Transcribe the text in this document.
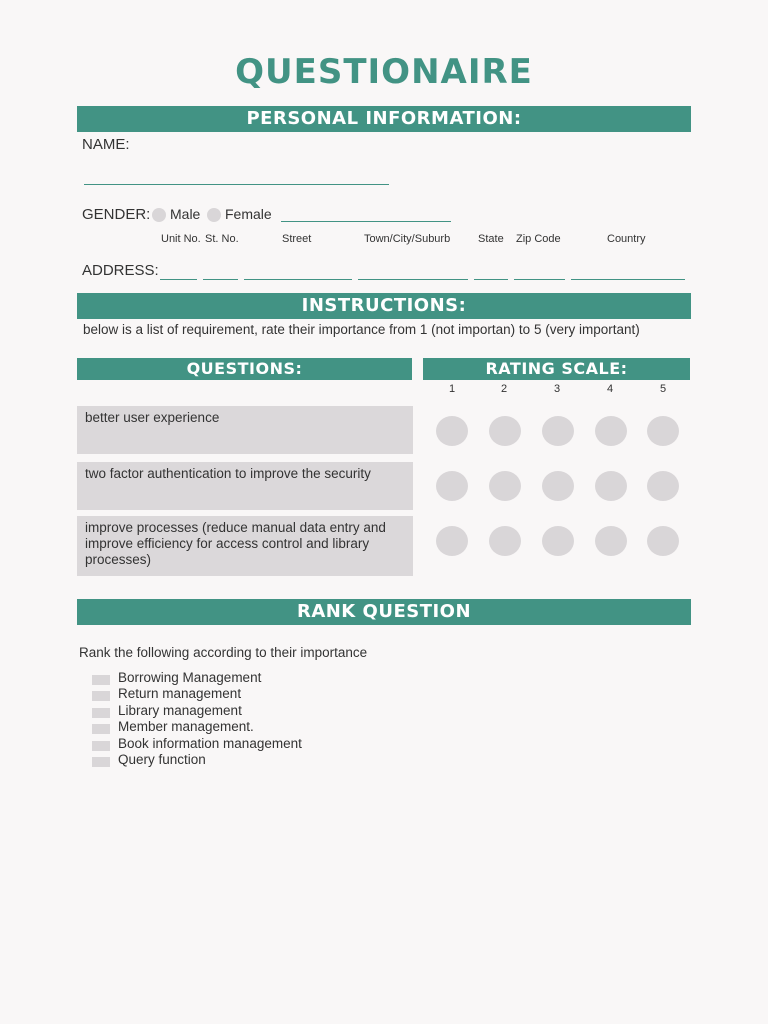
QUESTIONAIRE
PERSONAL INFORMATION:
NAME:
GENDER: Male Female
Unit No. St. No.	Street	Town/City/Suburb	State Zip Code	Country
ADDRESS:
INSTRUCTIONS:
below is a list of requirement, rate their importance from 1 (not importan) to 5 (very important)
QUESTIONS:	RATING SCALE:
1	2	3	4	5
better user experience
two factor authentication to improve the security
improve processes (reduce manual data entry and improve efficiency for access control and library processes)
RANK QUESTION
Rank the following according to their importance
Borrowing Management
Return management
Library management
Member management.
Book information management
Query function
